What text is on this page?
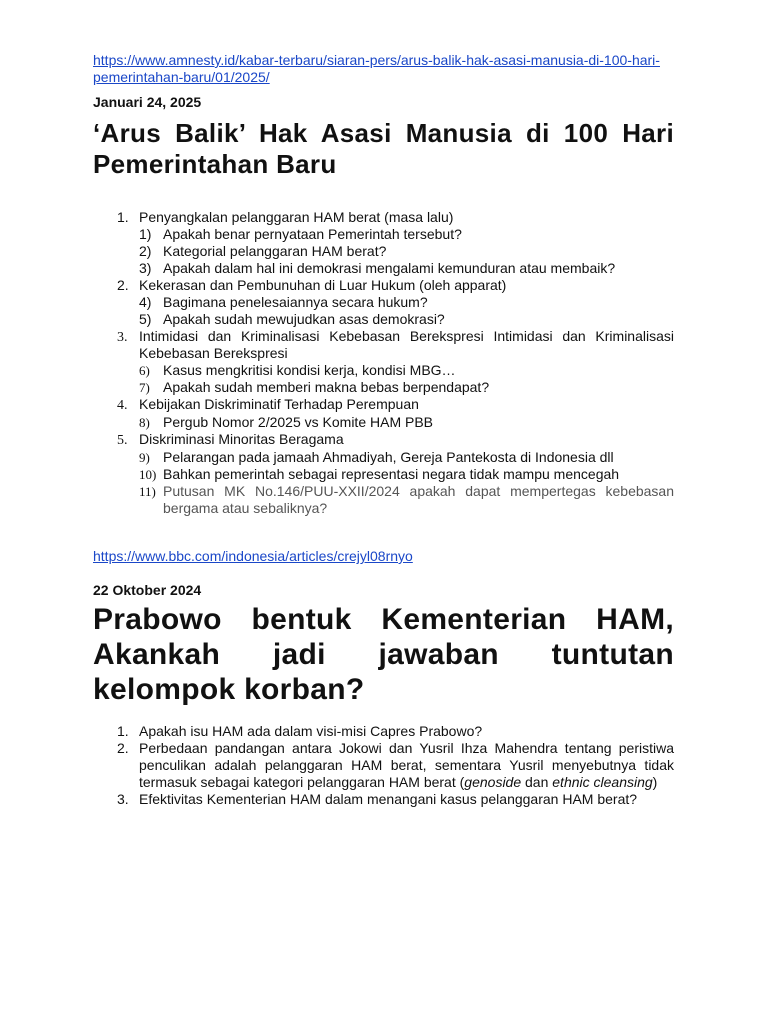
https://www.amnesty.id/kabar-terbaru/siaran-pers/arus-balik-hak-asasi-manusia-di-100-hari-pemerintahan-baru/01/2025/
Januari 24, 2025
‘Arus Balik’ Hak Asasi Manusia di 100 Hari Pemerintahan Baru
1. Penyangkalan pelanggaran HAM berat (masa lalu)
1) Apakah benar pernyataan Pemerintah tersebut?
2) Kategorial pelanggaran HAM berat?
3) Apakah dalam hal ini demokrasi mengalami kemunduran atau membaik?
2. Kekerasan dan Pembunuhan di Luar Hukum (oleh apparat)
4) Bagimana penelesaiannya secara hukum?
5) Apakah sudah mewujudkan asas demokrasi?
3. Intimidasi dan Kriminalisasi Kebebasan Berekspresi Intimidasi dan Kriminalisasi Kebebasan Berekspresi
6) Kasus mengkritisi kondisi kerja, kondisi MBG…
7) Apakah sudah memberi makna bebas berpendapat?
4. Kebijakan Diskriminatif Terhadap Perempuan
8) Pergub Nomor 2/2025 vs Komite HAM PBB
5. Diskriminasi Minoritas Beragama
9) Pelarangan pada jamaah Ahmadiyah, Gereja Pantekosta di Indonesia dll
10) Bahkan pemerintah sebagai representasi negara tidak mampu mencegah
11) Putusan MK No.146/PUU-XXII/2024 apakah dapat mempertegas kebebasan bergama atau sebaliknya?
https://www.bbc.com/indonesia/articles/crejyl08rnyo
22 Oktober 2024
Prabowo bentuk Kementerian HAM, Akankah jadi jawaban tuntutan kelompok korban?
1. Apakah isu HAM ada dalam visi-misi Capres Prabowo?
2. Perbedaan pandangan antara Jokowi dan Yusril Ihza Mahendra tentang peristiwa penculikan adalah pelanggaran HAM berat, sementara Yusril menyebutnya tidak termasuk sebagai kategori pelanggaran HAM berat (genoside dan ethnic cleansing)
3. Efektivitas Kementerian HAM dalam menangani kasus pelanggaran HAM berat?
